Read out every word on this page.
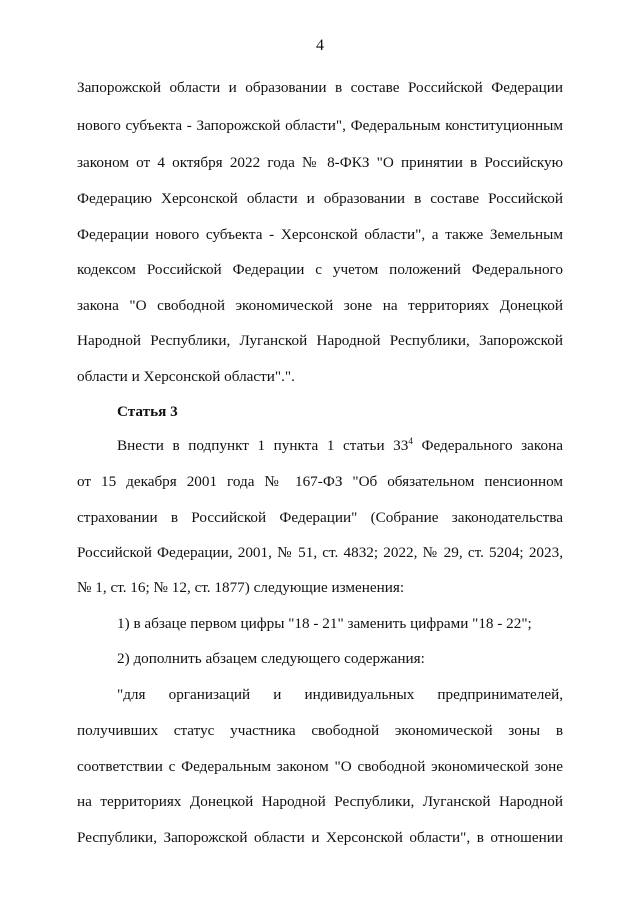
4
Запорожской области и образовании в составе Российской Федерации
нового субъекта - Запорожской области", Федеральным конституционным
законом от 4 октября 2022 года № 8-ФКЗ "О принятии в Российскую
Федерацию Херсонской области и образовании в составе Российской
Федерации нового субъекта - Херсонской области", а также Земельным
кодексом Российской Федерации с учетом положений Федерального
закона "О свободной экономической зоне на территориях Донецкой
Народной Республики, Луганской Народной Республики, Запорожской
области и Херсонской области".".
Статья 3
Внести в подпункт 1 пункта 1 статьи $33^4$ Федерального закона
от 15 декабря 2001 года № 167-ФЗ "Об обязательном пенсионном
страховании в Российской Федерации" (Собрание законодательства
Российской Федерации, 2001, № 51, ст. 4832; 2022, № 29, ст. 5204; 2023,
№ 1, ст. 16; № 12, ст. 1877) следующие изменения:
1) в абзаце первом цифры "18 - 21" заменить цифрами "18 - 22";
2) дополнить абзацем следующего содержания:
"для организаций и индивидуальных предпринимателей,
получивших статус участника свободной экономической зоны в
соответствии с Федеральным законом "О свободной экономической зоне
на территориях Донецкой Народной Республики, Луганской Народной
Республики, Запорожской области и Херсонской области", в отношении
